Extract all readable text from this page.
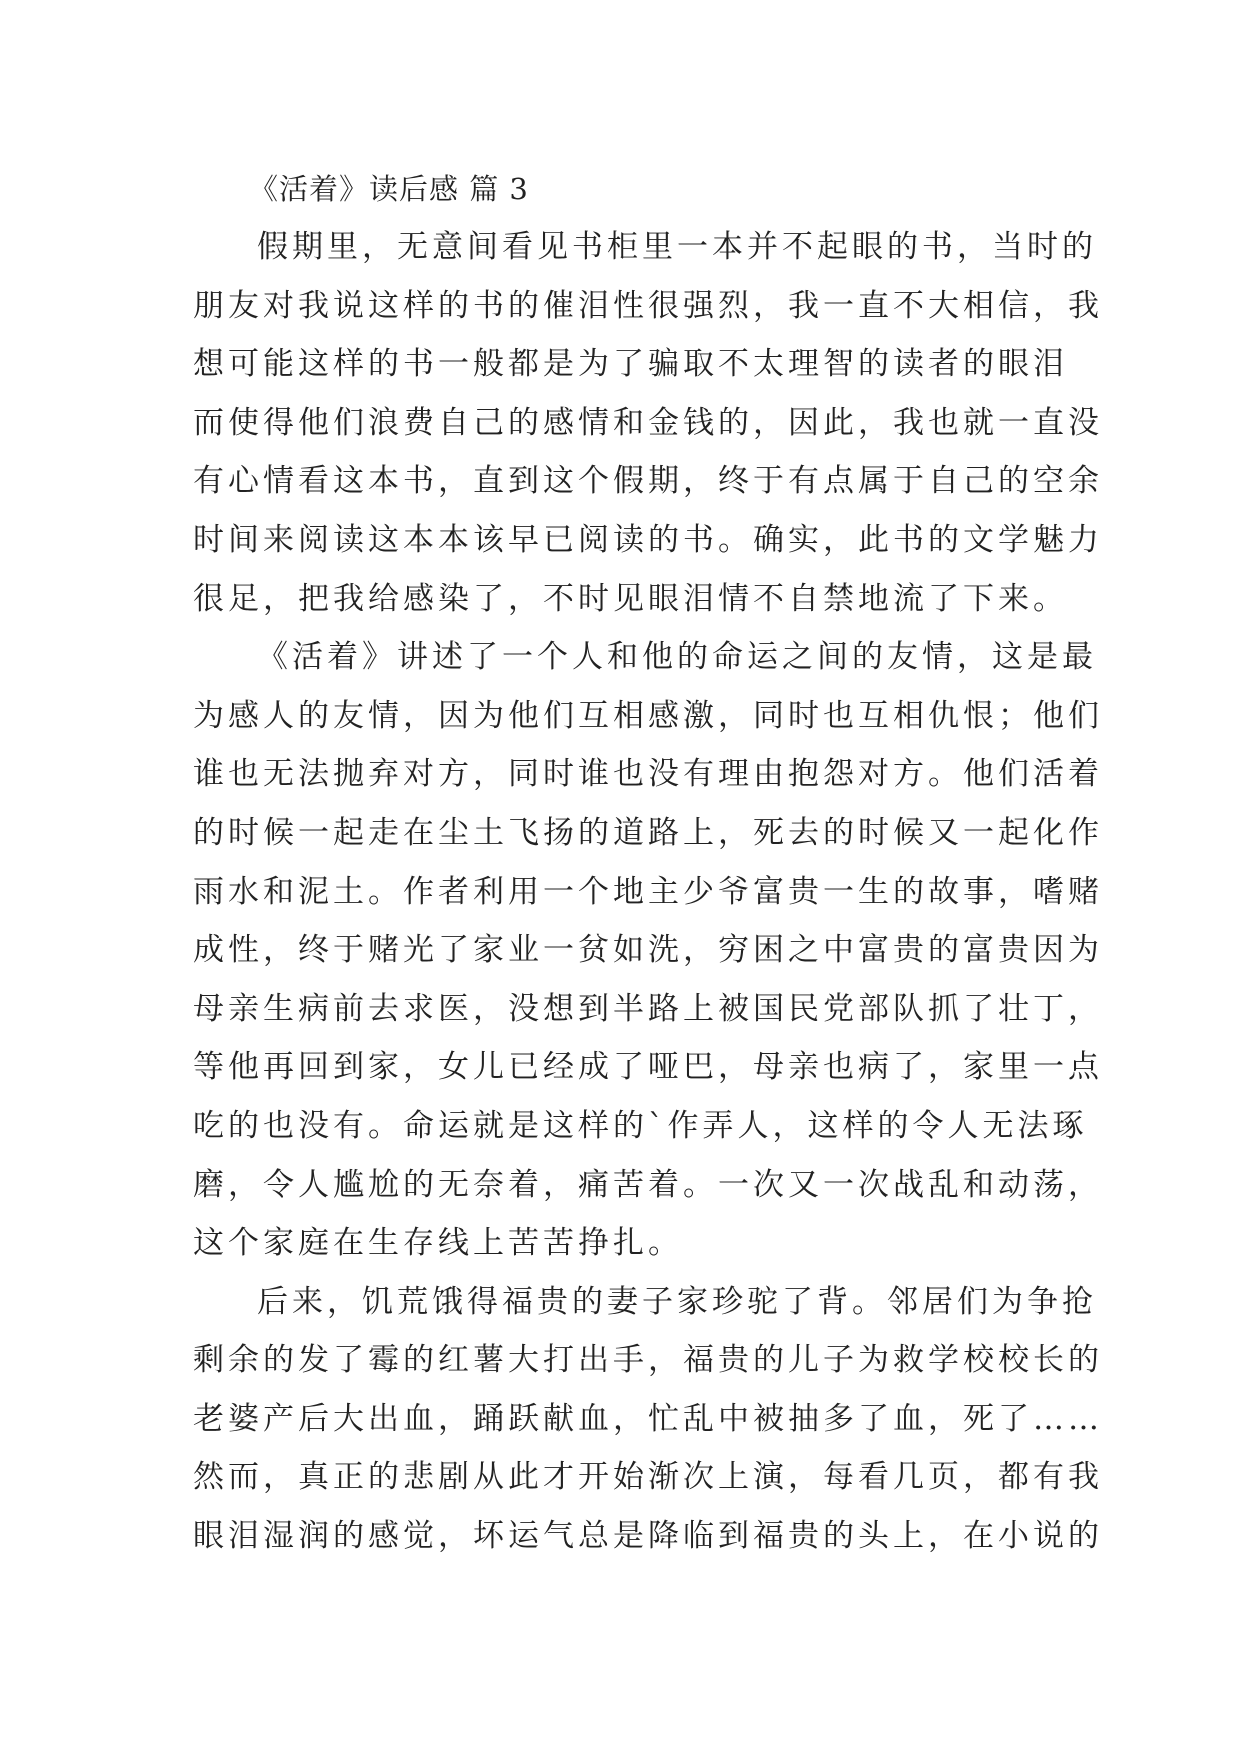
《活着》读后感 篇 3
假期里，无意间看见书柜里一本并不起眼的书，当时的
朋友对我说这样的书的催泪性很强烈，我一直不大相信，我
想可能这样的书一般都是为了骗取不太理智的读者的眼泪
而使得他们浪费自己的感情和金钱的，因此，我也就一直没
有心情看这本书，直到这个假期，终于有点属于自己的空余
时间来阅读这本本该早已阅读的书。确实，此书的文学魅力
很足，把我给感染了，不时见眼泪情不自禁地流了下来。
《活着》讲述了一个人和他的命运之间的友情，这是最
为感人的友情，因为他们互相感激，同时也互相仇恨；他们
谁也无法抛弃对方，同时谁也没有理由抱怨对方。他们活着
的时候一起走在尘土飞扬的道路上，死去的时候又一起化作
雨水和泥土。作者利用一个地主少爷富贵一生的故事，嗜赌
成性，终于赌光了家业一贫如洗，穷困之中富贵的富贵因为
母亲生病前去求医，没想到半路上被国民党部队抓了壮丁，
等他再回到家，女儿已经成了哑巴，母亲也病了，家里一点
吃的也没有。命运就是这样的`作弄人，这样的令人无法琢
磨，令人尴尬的无奈着，痛苦着。一次又一次战乱和动荡，
这个家庭在生存线上苦苦挣扎。
后来，饥荒饿得福贵的妻子家珍驼了背。邻居们为争抢
剩余的发了霉的红薯大打出手，福贵的儿子为救学校校长的
老婆产后大出血，踊跃献血，忙乱中被抽多了血，死了……
然而，真正的悲剧从此才开始渐次上演，每看几页，都有我
眼泪湿润的感觉，坏运气总是降临到福贵的头上，在小说的
